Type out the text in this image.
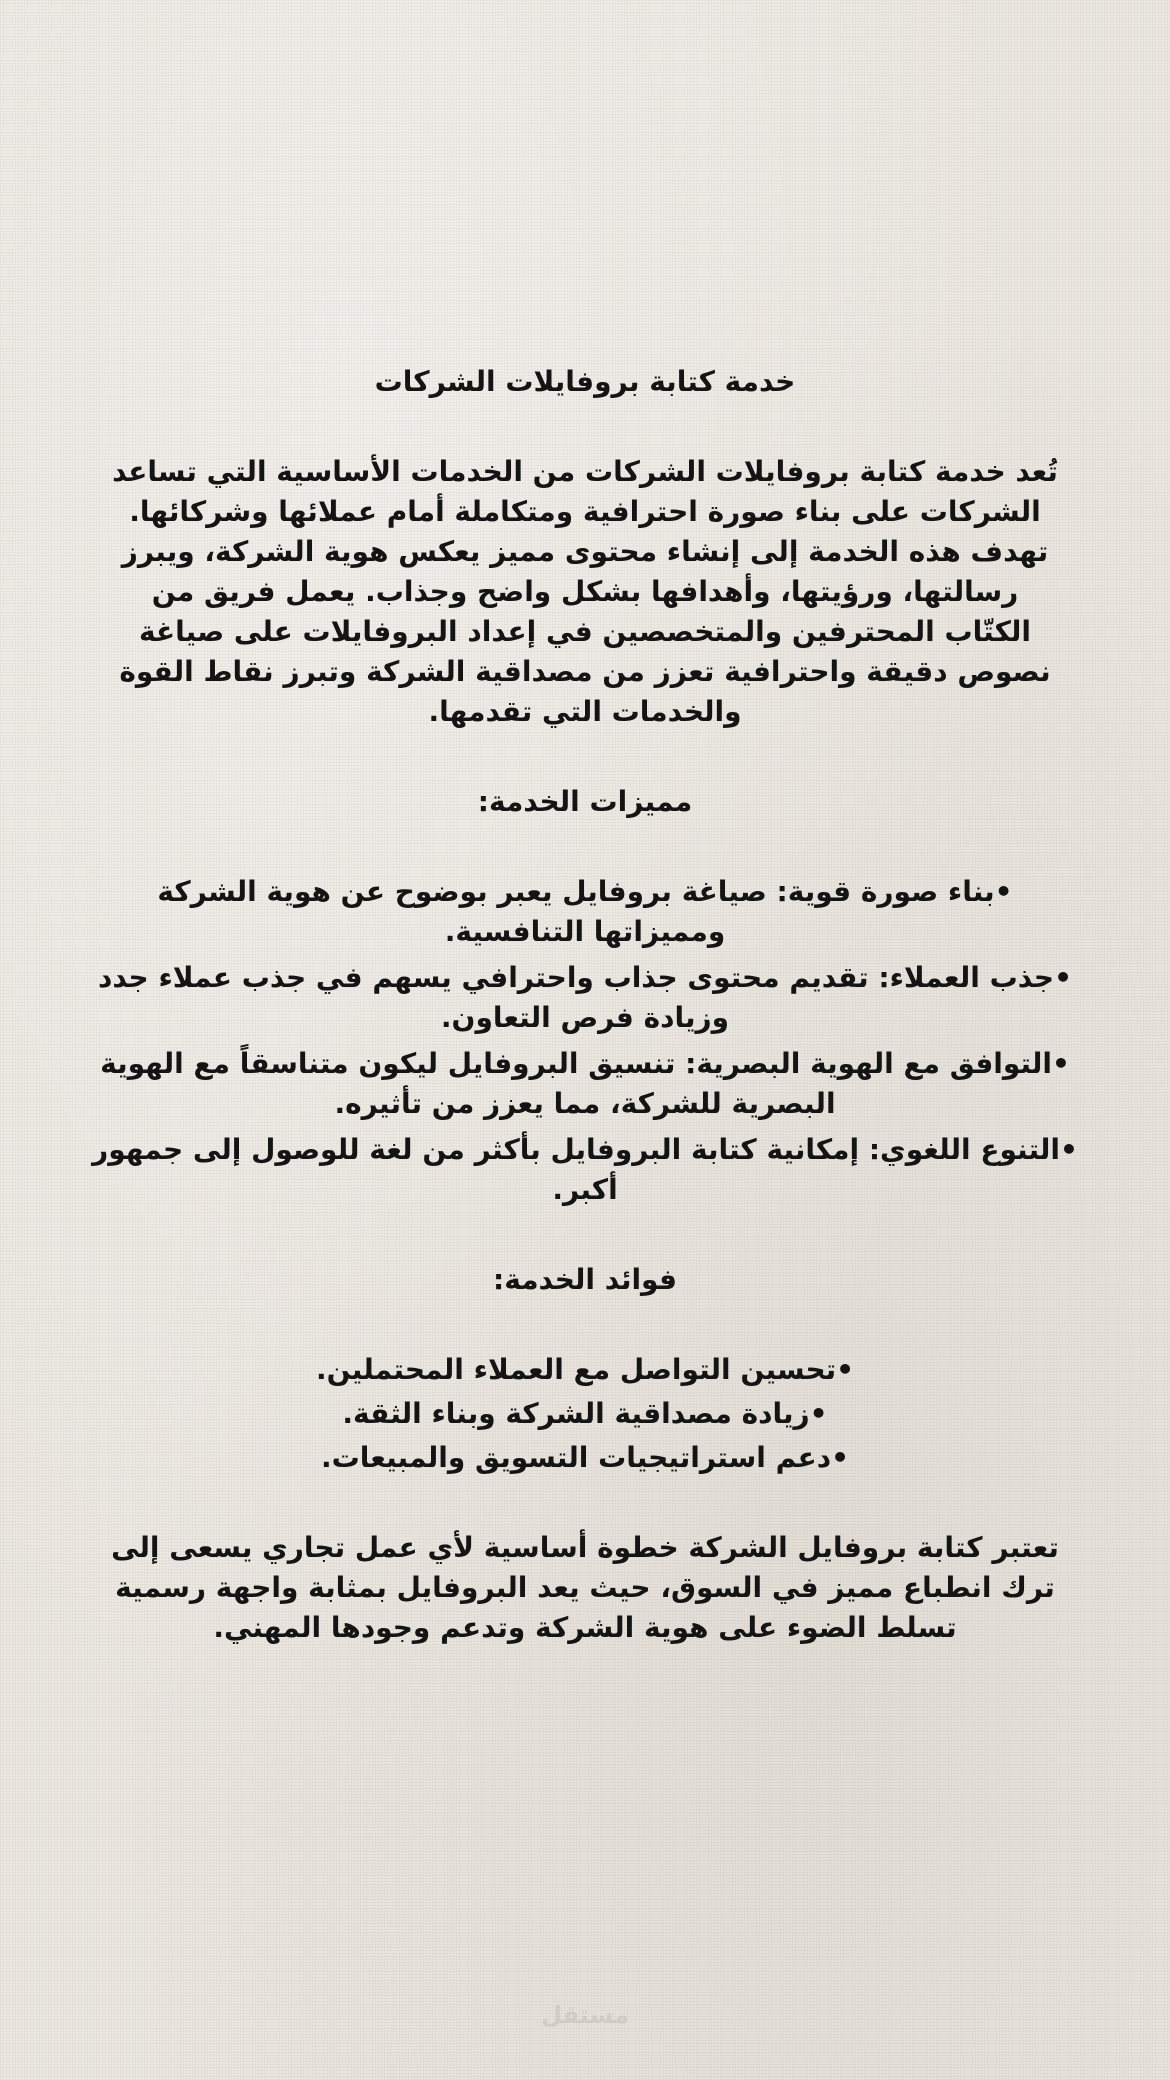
خدمة كتابة بروفايلات الشركات

تُعد خدمة كتابة بروفايلات الشركات من الخدمات الأساسية التي تساعد الشركات على بناء صورة احترافية ومتكاملة أمام عملائها وشركائها. تهدف هذه الخدمة إلى إنشاء محتوى مميز يعكس هوية الشركة، ويبرز رسالتها، ورؤيتها، وأهدافها بشكل واضح وجذاب. يعمل فريق من الكتّاب المحترفين والمتخصصين في إعداد البروفايلات على صياغة نصوص دقيقة واحترافية تعزز من مصداقية الشركة وتبرز نقاط القوة والخدمات التي تقدمها.

مميزات الخدمة:
•بناء صورة قوية: صياغة بروفايل يعبر بوضوح عن هوية الشركة ومميزاتها التنافسية.
•جذب العملاء: تقديم محتوى جذاب واحترافي يسهم في جذب عملاء جدد وزيادة فرص التعاون.
•التوافق مع الهوية البصرية: تنسيق البروفايل ليكون متناسقاً مع الهوية البصرية للشركة، مما يعزز من تأثيره.
•التنوع اللغوي: إمكانية كتابة البروفايل بأكثر من لغة للوصول إلى جمهور أكبر.
فوائد الخدمة:
•تحسين التواصل مع العملاء المحتملين.
•زيادة مصداقية الشركة وبناء الثقة.
•دعم استراتيجيات التسويق والمبيعات.

تعتبر كتابة بروفايل الشركة خطوة أساسية لأي عمل تجاري يسعى إلى ترك انطباع مميز في السوق، حيث يعد البروفايل بمثابة واجهة رسمية تسلط الضوء على هوية الشركة وتدعم وجودها المهني.

مستقل
